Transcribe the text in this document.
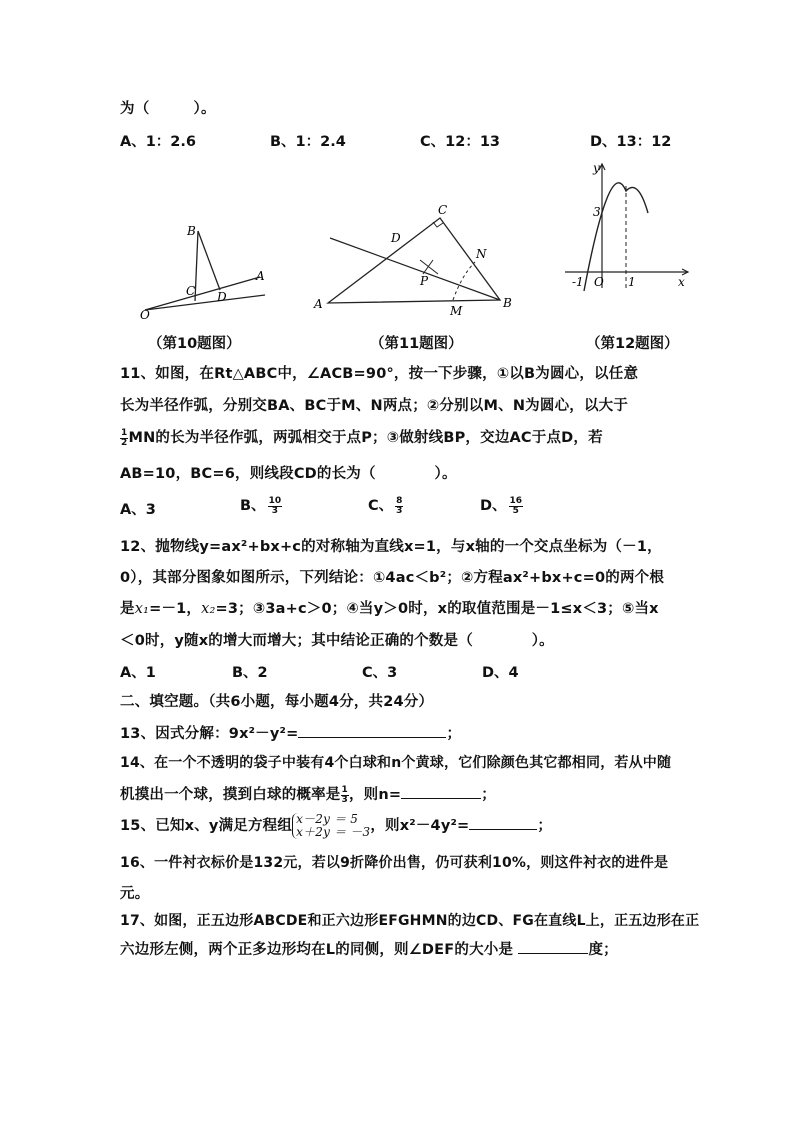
为（　　　）。
A、1：2.6	B、1：2.4	C、12：13	D、13：12
B
A
C D
O
C
D
N
P
A	M
B
y
3
-1 O 1	x
（第10题图）	（第11题图）	（第12题图）
11、如图，在Rt△ABC中，∠ACB=90°，按一下步骤，①以B为圆心，以任意
长为半径作弧，分别交BA、BC于M、N两点；②分别以M、N为圆心，以大于
$\frac{1}{2}$ MN的长为半径作弧，两弧相交于点P；③做射线BP，交边AC于点D，若
AB=10，BC=6，则线段CD的长为（　　　　）。
A、3	B、 $\frac{10}{3}$	C、 $\frac{8}{3}$	D、 $\frac{16}{5}$
12、抛物线y=ax²+bx+c的对称轴为直线x=1，与x轴的一个交点坐标为（－1，
0），其部分图象如图所示，下列结论：①4ac＜b²；②方程ax²+bx+c=0的两个根
是x₁=－1，x₂=3；③3a+c＞0；④当y＞0时，x的取值范围是－1≤x＜3；⑤当x
＜0时，y随x的增大而增大；其中结论正确的个数是（　　　　）。
A、1	B、2	C、3	D、4
二、填空题。（共6小题，每小题4分，共24分）
13、因式分解：9x²－y²=	；
14、在一个不透明的袋子中装有4个白球和n个黄球，它们除颜色其它都相同，若从中随
机摸出一个球，摸到白球的概率是 $\frac{1}{3}$ ，则n=	；
15、已知x、y满足方程组 x－2y ＝ 5
x＋2y ＝ －3 ，则x²－4y²=	；
16、一件衬衣标价是132元，若以9折降价出售，仍可获利10%，则这件衬衣的进件是
元。
17、如图，正五边形ABCDE和正六边形EFGHMN的边CD、FG在直线L上，正五边形在正
六边形左侧，两个正多边形均在L的同侧，则∠DEF的大小是	度；
